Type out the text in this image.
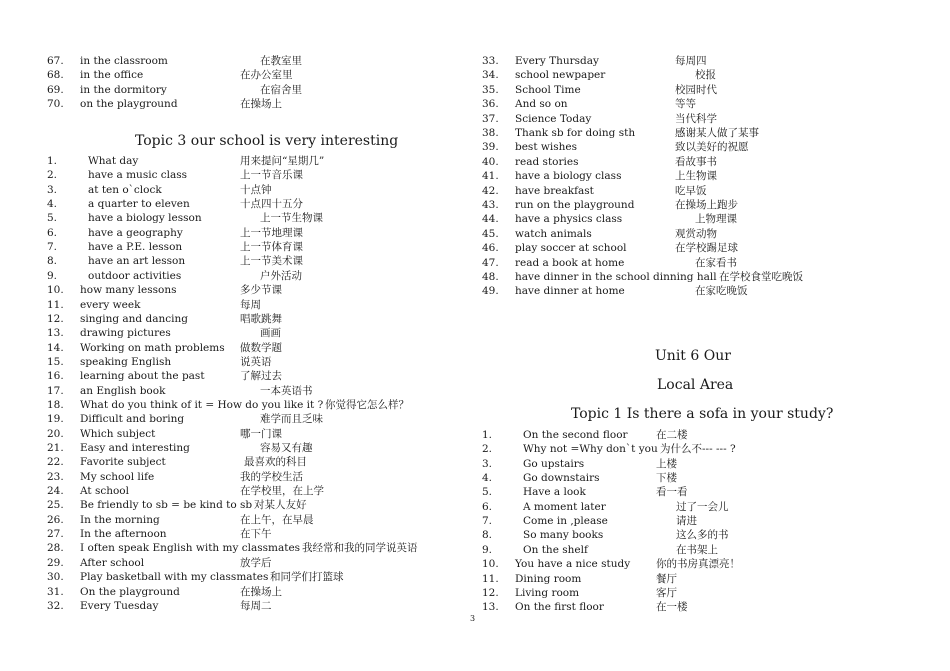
67. in the classroom	在教室里
68. in the office	在办公室里
69. in the dormitory	在宿舍里
70. on the playground	在操场上
Topic 3 our school is very interesting
1.	What day	用来提问“星期几”
2.	have a music class	上一节音乐课
3.	at ten o`clock	十点钟
4.	a quarter to eleven	十点四十五分
5.	have a biology lesson	上一节生物课
6.	have a geography	上一节地理课
7.	have a P.E. lesson	上一节体育课
8.	have an art lesson	上一节美术课
9.	outdoor activities	户外活动
10. how many lessons	多少节课
11. every week	每周
12. singing and dancing	唱歌跳舞
13. drawing pictures	画画
14. Working on math problems 做数学题
15. speaking English	说英语
16. learning about the past	了解过去
17. an English book	一本英语书
18. What do you think of it = How do you like it ? 你觉得它怎么样？
19. Difficult and boring	难学而且乏味
20. Which subject	哪一门课
21. Easy and interesting	容易又有趣
22. Favorite subject	最喜欢的科目
23. My school life	我的学校生活
24. At school	在学校里，在上学
25. Be friendly to sb = be kind to sb 对某人友好
26. In the morning	在上午，在早晨
27. In the afternoon	在下午
28. I often speak English with my classmates 我经常和我的同学说英语
29. After school	放学后
30. Play basketball with my classmates 和同学们打篮球
31. On the playground	在操场上
32. Every Tuesday	每周二
33. Every Thursday	每周四
34. school newpaper	校报
35. School Time	校园时代
36. And so on	等等
37. Science Today	当代科学
38. Thank sb for doing sth	感谢某人做了某事
39. best wishes	致以美好的祝愿
40. read stories	看故事书
41. have a biology class	上生物课
42. have breakfast	吃早饭
43. run on the playground	在操场上跑步
44. have a physics class	上物理课
45. watch animals	观赏动物
46. play soccer at school	在学校踢足球
47. read a book at home	在家看书
48. have dinner in the school dinning hall 在学校食堂吃晚饭
49. have dinner at home	在家吃晚饭
Unit 6 Our
Local Area
Topic 1 Is there a sofa in your study?
1.	On the second floor	在二楼
2.	Why not =Why don`t you 为什么不--- --- ?
3.	Go upstairs	上楼
4.	Go downstairs	下楼
5.	Have a look	看一看
6.	A moment later	过了一会儿
7.	Come in ,please	请进
8.	So many books	这么多的书
9.	On the shelf	在书架上
10. You have a nice study 你的书房真漂亮！
11. Dining room	餐厅
12. Living room	客厅
13. On the first floor	在一楼
3
